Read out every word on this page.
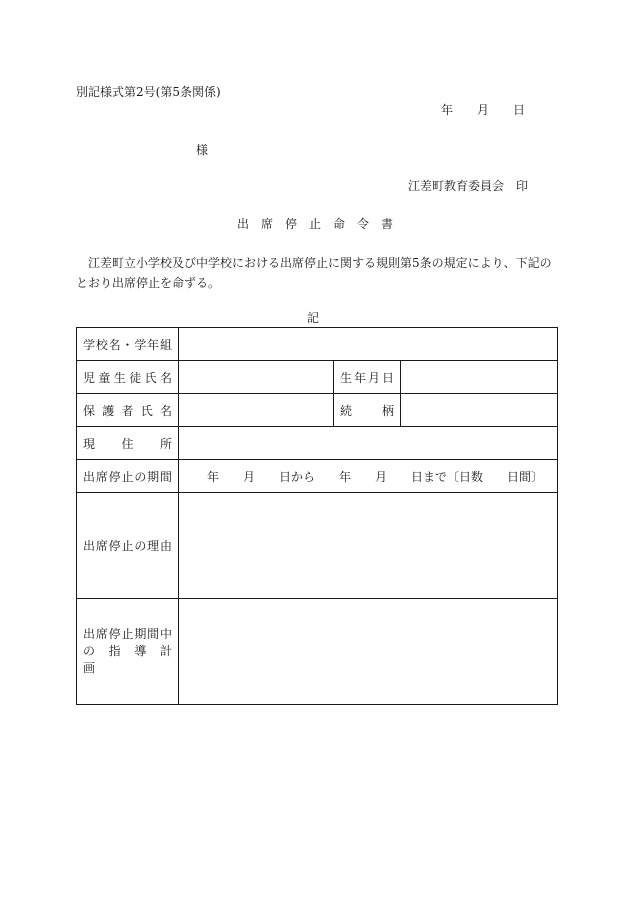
別記様式第2号(第5条関係)
年　　月　　日
様
江差町教育委員会　印
出　席　停　止　命　令　書
江差町立小学校及び中学校における出席停止に関する規則第5条の規定により、下記のとおり出席停止を命ずる。
記
学校名・学年組			
児童生徒氏名		生年月日	
保護者氏名		続　　柄	
現　住　所			
出席停止の期間	年　　月　　日から　　年　　月　　日まで〔日数　　日間〕		
出席停止の理由			

出席停止期間中
の　指　導　計　画			
